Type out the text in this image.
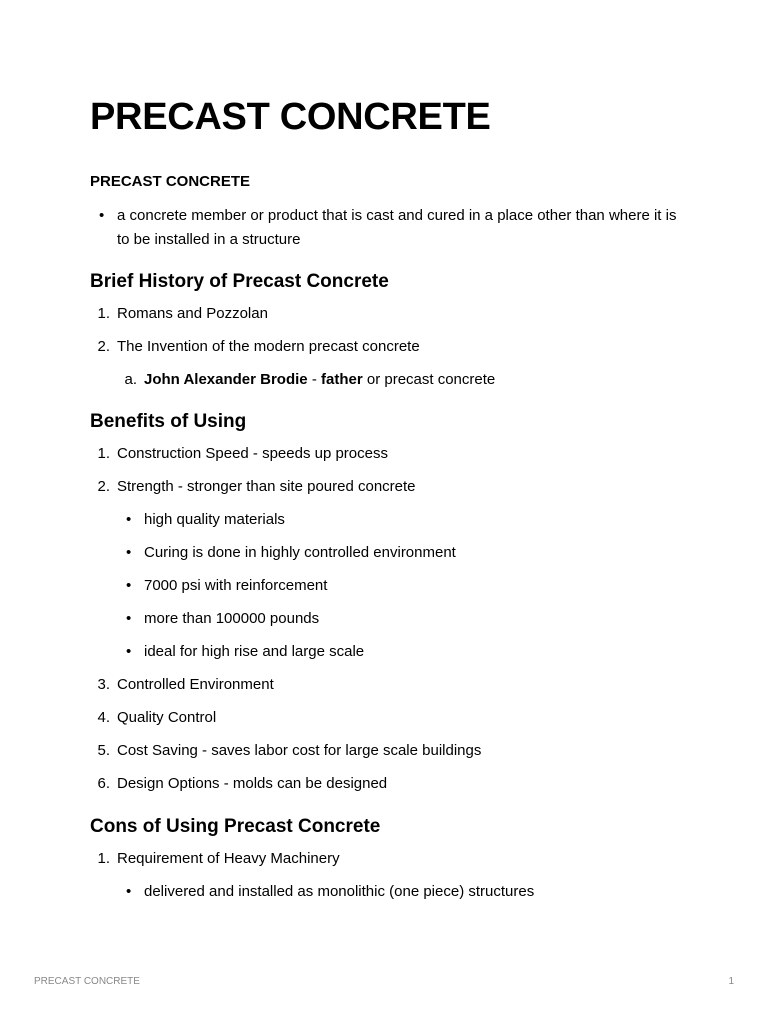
PRECAST CONCRETE
PRECAST CONCRETE
• a concrete member or product that is cast and cured in a place other than where it is to be installed in a structure
Brief History of Precast Concrete
1. Romans and Pozzolan
2. The Invention of the modern precast concrete
a. John Alexander Brodie - father or precast concrete
Benefits of Using
1. Construction Speed - speeds up process
2. Strength - stronger than site poured concrete
• high quality materials
• Curing is done in highly controlled environment
• 7000 psi with reinforcement
• more than 100000 pounds
• ideal for high rise and large scale
3. Controlled Environment
4. Quality Control
5. Cost Saving - saves labor cost for large scale buildings
6. Design Options - molds can be designed
Cons of Using Precast Concrete
1. Requirement of Heavy Machinery
• delivered and installed as monolithic (one piece) structures
PRECAST CONCRETE	1
